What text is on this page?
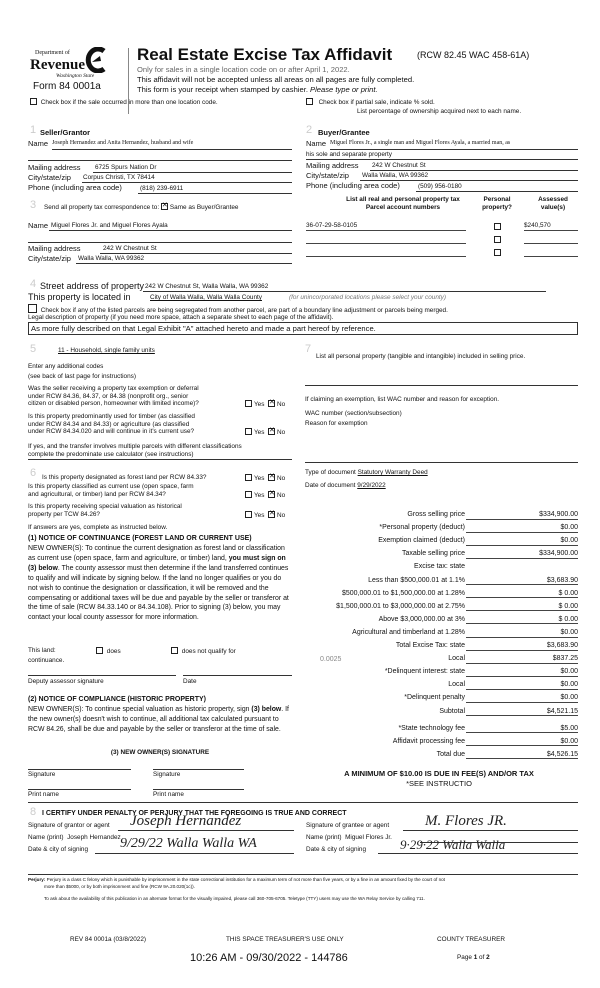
Department of
Revenue
Washington State
Form 84 0001a
Real Estate Excise Tax Affidavit	(RCW 82.45 WAC 458-61A)
Only for sales in a single location code on or after April 1, 2022.
This affidavit will not be accepted unless all areas on all pages are fully completed.
This form is your receipt when stamped by cashier. Please type or print.
Check box if the sale occurred in more than one location code.	Check box if partial sale, indicate % sold.
List percentage of ownership acquired next to each name.
1 Seller/Grantor
Name Joseph Hernandez and Anita Hernandez, husband and wife
Mailing address 6725 Spurs Nation Dr
City/state/zip Corpus Christi, TX 78414
Phone (including area code)	(818) 239-6911
3 Send all property tax correspondence to: ✕ Same as Buyer/Grantee
Name Miguel Flores Jr. and Miguel Flores Ayala
Mailing address	242 W Chestnut St
City/state/zip Walla Walla, WA 99362
2 Buyer/Grantee
Name Miguel Flores Jr., a single man and Miguel Flores Ayala, a married man, as
his sole and separate property
Mailing address 242 W Chestnut St
City/state/zip Walla Walla, WA 99362
Phone (including area code)	(509) 956-0180
List all real and personal property tax
Parcel account numbers
Personal
property?
Assessed
value(s)
36-07-29-58-0105	$240,570

4 Street address of property 242 W Chestnut St, Walla Walla, WA 99362
This property is located in	City of Walla Walla, Walla Walla County	(for unincorporated locations please select your county)
Check box if any of the listed parcels are being segregated from another parcel, are part of a boundary line adjustment or parcels being merged.
Legal description of property (if you need more space, attach a separate sheet to each page of the affidavit).
As more fully described on that Legal Exhibit "A" attached hereto and made a part hereof by reference.
5	11 - Household, single family units
Enter any additional codes
(see back of last page for instructions)
Was the seller receiving a property tax exemption or deferral
under RCW 84.36, 84.37, or 84.38 (nonprofit org., senior
citizen or disabled person, homeowner with limited income)?	Yes ✕ No
Is this property predominantly used for timber (as classified
under RCW 84.34 and 84.33) or agriculture (as classified
under RCW 84.34.020 and will continue in it's current use?	Yes ✕ No
If yes, and the transfer involves multiple parcels with different classifications
complete the predominate use calculator (see instructions)
6 Is this property designated as forest land per RCW 84.33?	Yes ✕ No
Is this property classified as current use (open space, farm
and agricultural, or timber) land per RCW 84.34?	Yes ✕ No
Is this property receiving special valuation as historical
property per TCW 84.26?	Yes ✕ No
If answers are yes, complete as instructed below.
(1) NOTICE OF CONTINUANCE (FOREST LAND OR CURRENT USE)
NEW OWNER(S): To continue the current designation as forest land or classification as current use (open space, farm and agriculture, or timber) land, you must sign on (3) below. The county assessor must then determine if the land transferred continues to qualify and will indicate by signing below. If the land no longer qualifies or you do not wish to continue the designation or classification, it will be removed and the compensating or additional taxes will be due and payable by the seller or transferor at the time of sale (RCW 84.33.140 or 84.34.108). Prior to signing (3) below, you may contact your local county assessor for more information.
This land:	does	does not qualify for
continuance.
Deputy assessor signature	Date
(2) NOTICE OF COMPLIANCE (HISTORIC PROPERTY)
NEW OWNER(S): To continue special valuation as historic property, sign (3) below. If the new owner(s) doesn't wish to continue, all additional tax calculated pursuant to RCW 84.26, shall be due and payable by the seller or transferor at the time of sale.
(3) NEW OWNER(S) SIGNATURE
Signature	Signature
Print name	Print name
7
List all personal property (tangible and intangible) included in selling price.
If claiming an exemption, list WAC number and reason for exception.
WAC number (section/subsection)
Reason for exemption
Type of document Statutory Warranty Deed
Date of document 9/29/2022
Gross selling price	$334,900.00
*Personal property (deduct)	$0.00
Exemption claimed (deduct)	$0.00
Taxable selling price	$334,900.00
Excise tax: state
Less than $500,000.01 at 1.1%	$3,683.90
$500,000.01 to $1,500,000.00 at 1.28%	$ 0.00
$1,500,000.01 to $3,000,000.00 at 2.75%	$ 0.00
Above $3,000,000.00 at 3%	$ 0.00
Agricultural and timberland at 1.28%	$0.00
Total Excise Tax: state	$3,683.90
Local	$837.25
*Delinquent interest: state	$0.00
Local	$0.00
*Delinquent penalty	$0.00
Subtotal	$4,521.15
*State technology fee	$5.00
Affidavit processing fee	$0.00
Total due	$4,526.15
0.0025
A MINIMUM OF $10.00 IS DUE IN FEE(S) AND/OR TAX
*SEE INSTRUCTIO
8 I CERTIFY UNDER PENALTY OF PERJURY THAT THE FOREGOING IS TRUE AND CORRECT
Signature of grantor or agent Joseph Hernandez
Name (print) Joseph Hernandez
Date & city of signing 9/29/22 Walla Walla WA
Signature of grantee or agent M. Flores JR.
Name (print) Miguel Flores Jr.
Date & city of signing	9·29·22 Walla Walla
Perjury: Perjury is a class C felony which is punishable by imprisonment in the state correctional institution for a maximum term of not more than five years, or by a fine in an amount fixed by the court of not
more than $5000, or by both imprisonment and fine (RCW 9A.20.020(1c)).
To ask about the availability of this publication in an alternate format for the visually impaired, please call 360-705-6705. Teletype (TTY) users may use the WA Relay Service by calling 711.
REV 84 0001a (03/8/2022)	THIS SPACE TREASURER'S USE ONLY	COUNTY TREASURER
10:26 AM - 09/30/2022 - 144786	Page 1 of 2
